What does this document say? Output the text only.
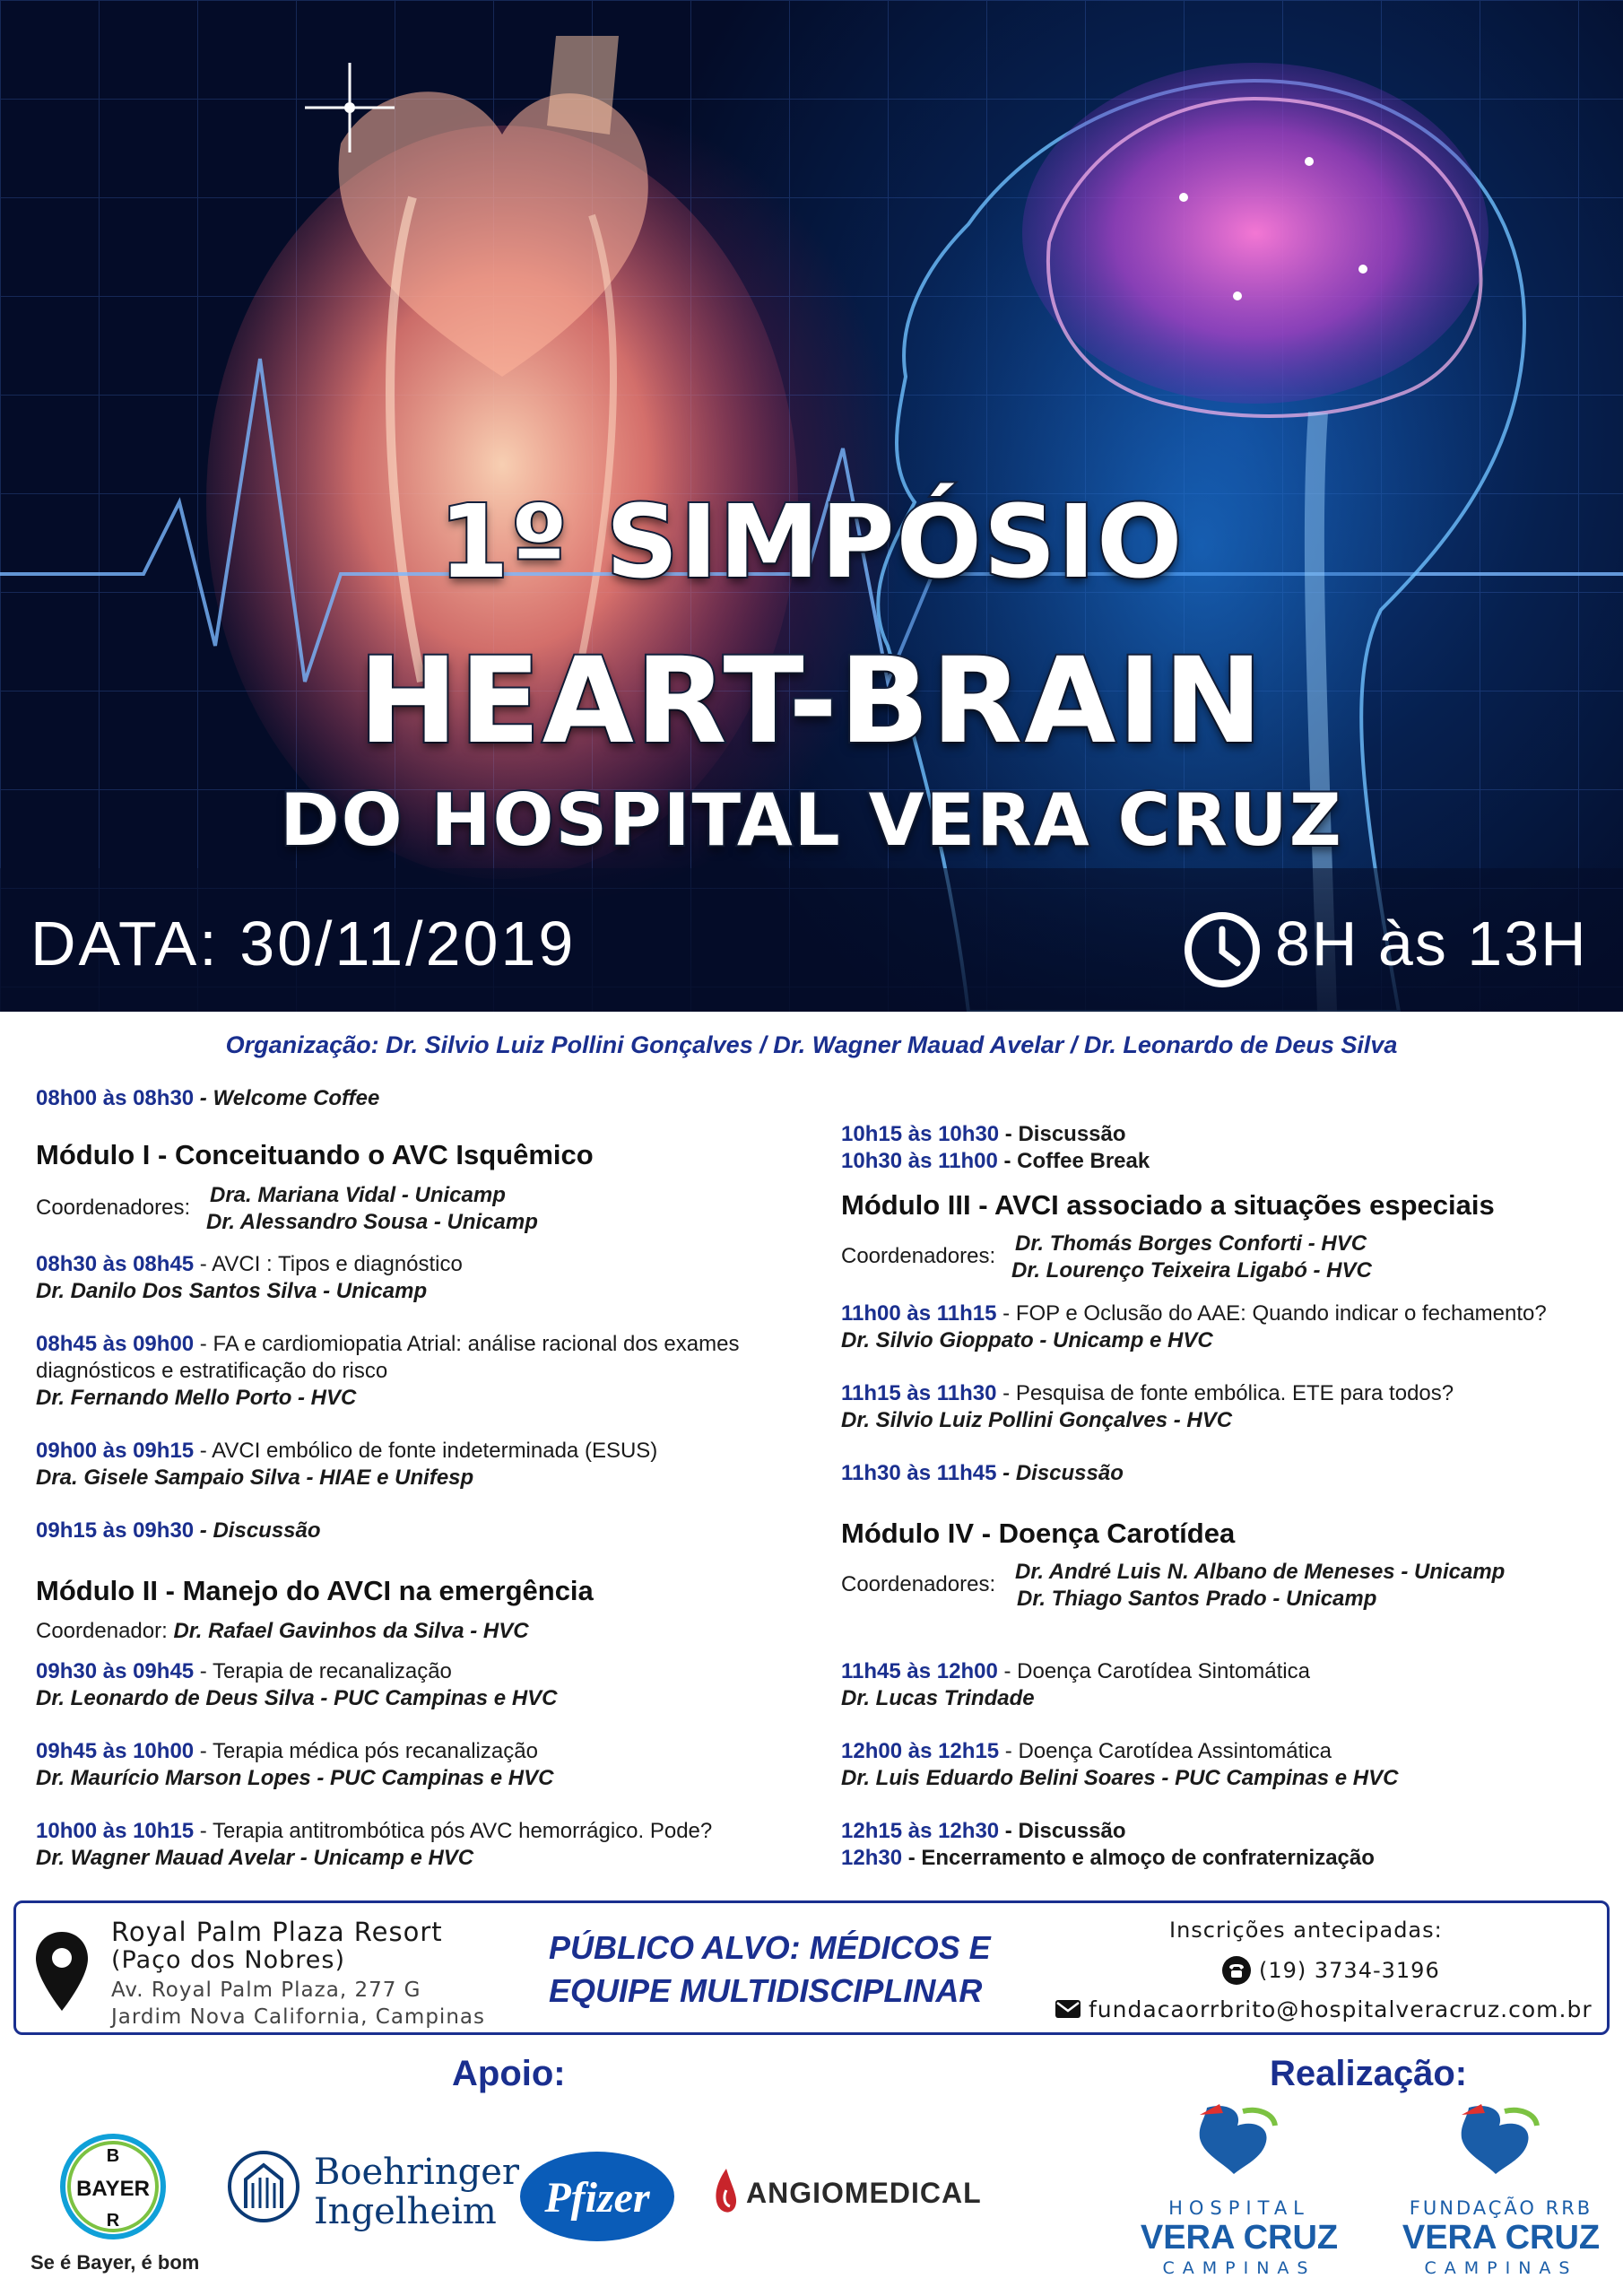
1º SIMPÓSIO
HEART-BRAIN
DO HOSPITAL VERA CRUZ
DATA: 30/11/2019	8H às 13H
Organização: Dr. Silvio Luiz Pollini Gonçalves / Dr. Wagner Mauad Avelar / Dr. Leonardo de Deus Silva
08h00 às 08h30 - Welcome Coffee
Módulo I - Conceituando o AVC Isquêmico
Coordenadores:
Dra. Mariana Vidal - Unicamp
Dr. Alessandro Sousa - Unicamp
08h30 às 08h45 - AVCI : Tipos e diagnóstico
Dr. Danilo Dos Santos Silva - Unicamp
08h45 às 09h00 - FA e cardiomiopatia Atrial: análise racional dos exames diagnósticos e estratificação do risco
Dr. Fernando Mello Porto - HVC
09h00 às 09h15 - AVCI embólico de fonte indeterminada (ESUS)
Dra. Gisele Sampaio Silva - HIAE e Unifesp
09h15 às 09h30 - Discussão
Módulo II - Manejo do AVCI na emergência
Coordenador: Dr. Rafael Gavinhos da Silva - HVC
09h30 às 09h45 - Terapia de recanalização
Dr. Leonardo de Deus Silva - PUC Campinas e HVC
09h45 às 10h00 - Terapia médica pós recanalização
Dr. Maurício Marson Lopes - PUC Campinas e HVC
10h00 às 10h15 - Terapia antitrombótica pós AVC hemorrágico. Pode?
Dr. Wagner Mauad Avelar - Unicamp e HVC
10h15 às 10h30 - Discussão
10h30 às 11h00 - Coffee Break
Módulo III - AVCI associado a situações especiais
Coordenadores:
Dr. Thomás Borges Conforti - HVC
Dr. Lourenço Teixeira Ligabó - HVC
11h00 às 11h15 - FOP e Oclusão do AAE: Quando indicar o fechamento?
Dr. Silvio Gioppato - Unicamp e HVC
11h15 às 11h30 - Pesquisa de fonte embólica. ETE para todos?
Dr. Silvio Luiz Pollini Gonçalves - HVC
11h30 às 11h45 - Discussão
Módulo IV - Doença Carotídea
Coordenadores:
Dr. André Luis N. Albano de Meneses - Unicamp
Dr. Thiago Santos Prado - Unicamp
11h45 às 12h00 - Doença Carotídea Sintomática
Dr. Lucas Trindade
12h00 às 12h15 - Doença Carotídea Assintomática
Dr. Luis Eduardo Belini Soares - PUC Campinas e HVC
12h15 às 12h30 - Discussão
12h30 - Encerramento e almoço de confraternização
Royal Palm Plaza Resort
(Paço dos Nobres)
Av. Royal Palm Plaza, 277 G
Jardim Nova California, Campinas
PÚBLICO ALVO: MÉDICOS E
EQUIPE MULTIDISCIPLINAR
Inscrições antecipadas:
(19) 3734-3196
fundacaorrbrito@hospitalveracruz.com.br
Apoio:	Realização:
BAYER
B
R
Se é Bayer, é bom
Boehringer
Ingelheim	Pfizer	ANGIOMEDICAL	HOSPITAL
VERA CRUZ
CAMPINAS
FUNDAÇÃO RRB
VERA CRUZ
CAMPINAS
